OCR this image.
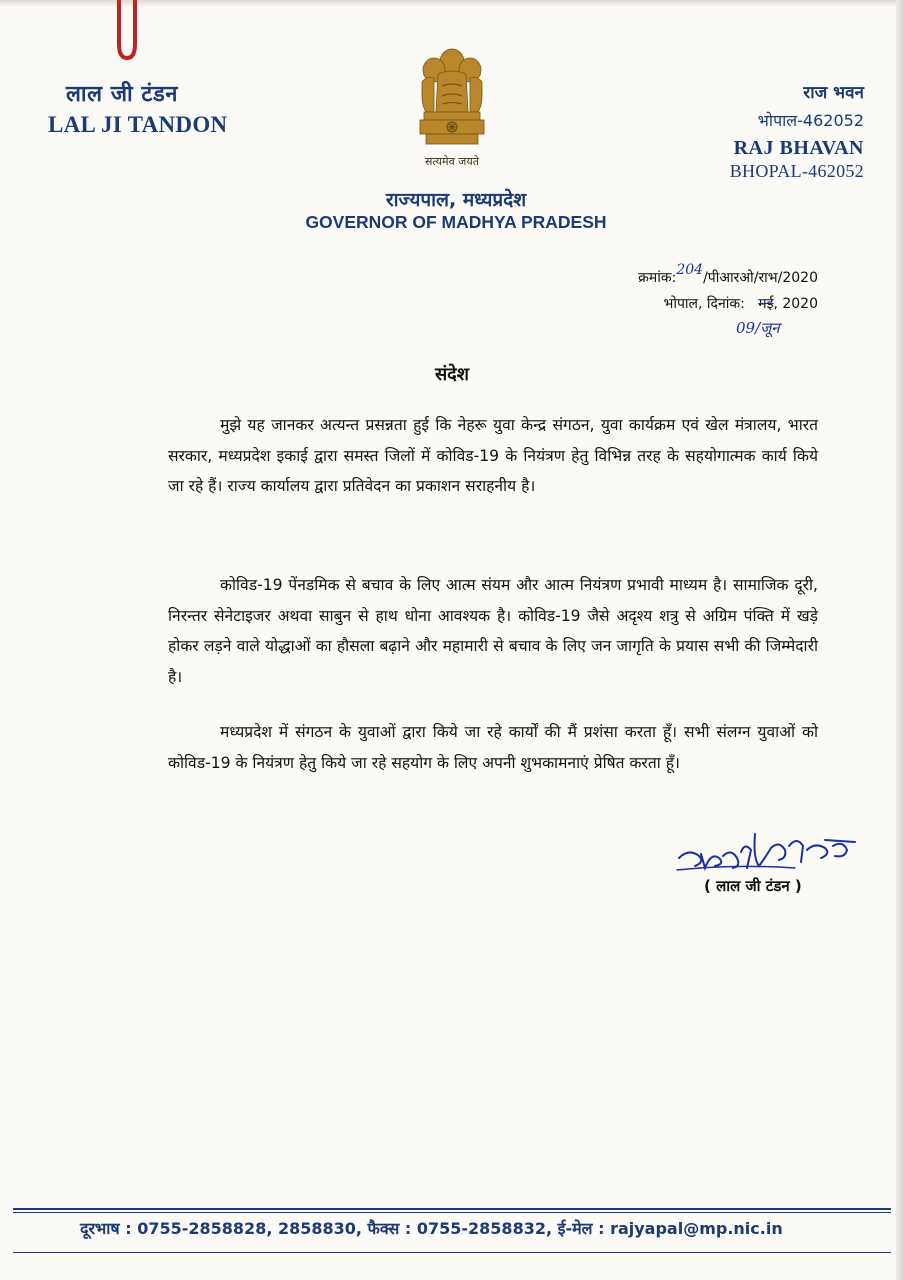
लाल जी टंडन
LAL JI TANDON
सत्यमेव जयते
राज भवन
भोपाल-462052
RAJ BHAVAN
BHOPAL-462052
राज्यपाल, मध्यप्रदेश
GOVERNOR OF MADHYA PRADESH
क्रमांक:204/पीआरओ/राभ/2020
भोपाल, दिनांक: मई, 2020
09/जून
संदेश

मुझे यह जानकर अत्यन्त प्रसन्नता हुई कि नेहरू युवा केन्द्र संगठन, युवा कार्यक्रम एवं खेल मंत्रालय, भारत सरकार, मध्यप्रदेश इकाई द्वारा समस्त जिलों में कोविड-19 के नियंत्रण हेतु विभिन्न तरह के सहयोगात्मक कार्य किये जा रहे हैं। राज्य कार्यालय द्वारा प्रतिवेदन का प्रकाशन सराहनीय है।

कोविड-19 पेंनडमिक से बचाव के लिए आत्म संयम और आत्म नियंत्रण प्रभावी माध्यम है। सामाजिक दूरी, निरन्तर सेनेटाइजर अथवा साबुन से हाथ धोना आवश्यक है। कोविड-19 जैसे अदृश्य शत्रु से अग्रिम पंक्ति में खड़े होकर लड़ने वाले योद्धाओं का हौसला बढ़ाने और महामारी से बचाव के लिए जन जागृति के प्रयास सभी की जिम्मेदारी है।

मध्यप्रदेश में संगठन के युवाओं द्वारा किये जा रहे कार्यों की मैं प्रशंसा करता हूँ। सभी संलग्न युवाओं को कोविड-19 के नियंत्रण हेतु किये जा रहे सहयोग के लिए अपनी शुभकामनाएं प्रेषित करता हूँ।

( लाल जी टंडन )
दूरभाष : 0755-2858828, 2858830, फैक्स : 0755-2858832, ई-मेल : rajyapal@mp.nic.in
